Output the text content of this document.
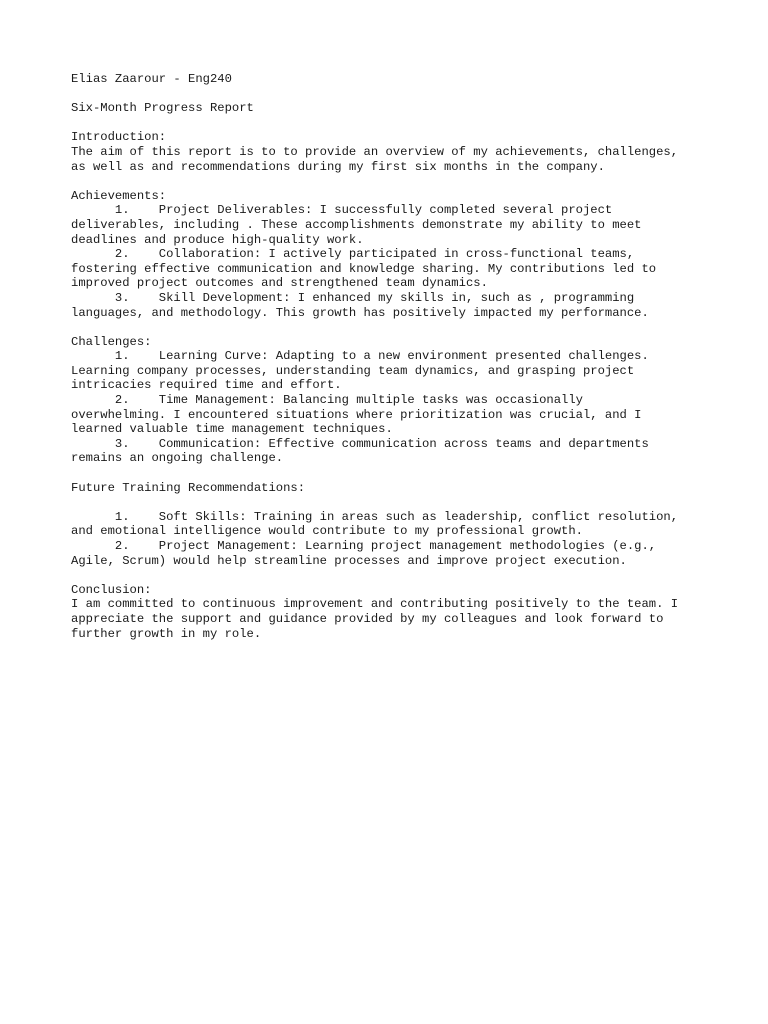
Elias Zaarour - Eng240
Six-Month Progress Report
Introduction:
The aim of this report is to to provide an overview of my achievements, challenges,
as well as and recommendations during my first six months in the company.
Achievements:
1.    Project Deliverables: I successfully completed several project
deliverables, including . These accomplishments demonstrate my ability to meet
deadlines and produce high-quality work.
2.    Collaboration: I actively participated in cross-functional teams,
fostering effective communication and knowledge sharing. My contributions led to
improved project outcomes and strengthened team dynamics.
3.    Skill Development: I enhanced my skills in, such as , programming
languages, and methodology. This growth has positively impacted my performance.
Challenges:
1.    Learning Curve: Adapting to a new environment presented challenges.
Learning company processes, understanding team dynamics, and grasping project
intricacies required time and effort.
2.    Time Management: Balancing multiple tasks was occasionally
overwhelming. I encountered situations where prioritization was crucial, and I
learned valuable time management techniques.
3.    Communication: Effective communication across teams and departments
remains an ongoing challenge.
Future Training Recommendations:
1.    Soft Skills: Training in areas such as leadership, conflict resolution,
and emotional intelligence would contribute to my professional growth.
2.    Project Management: Learning project management methodologies (e.g.,
Agile, Scrum) would help streamline processes and improve project execution.
Conclusion:
I am committed to continuous improvement and contributing positively to the team. I
appreciate the support and guidance provided by my colleagues and look forward to
further growth in my role.
